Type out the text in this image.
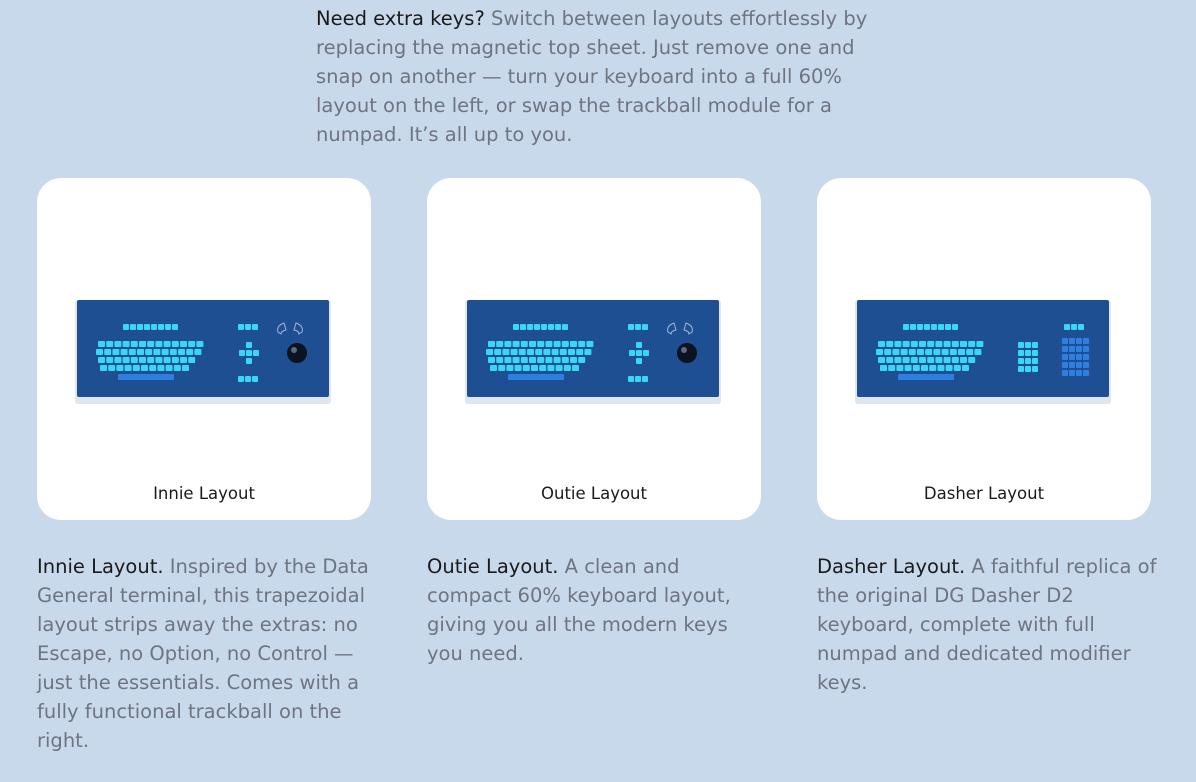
Need extra keys? Switch between layouts effortlessly by replacing the magnetic top sheet. Just remove one and snap on another — turn your keyboard into a full 60% layout on the left, or swap the trackball module for a numpad. It’s all up to you.

Innie Layout	Outie Layout	Dasher Layout

Innie Layout. Inspired by the Data General terminal, this trapezoidal layout strips away the extras: no Escape, no Option, no Control — just the essentials. Comes with a fully functional trackball on the right.

Outie Layout. A clean and compact 60% keyboard layout, giving you all the modern keys you need.

Dasher Layout. A faithful replica of the original DG Dasher D2 keyboard, complete with full numpad and dedicated modifier keys.
